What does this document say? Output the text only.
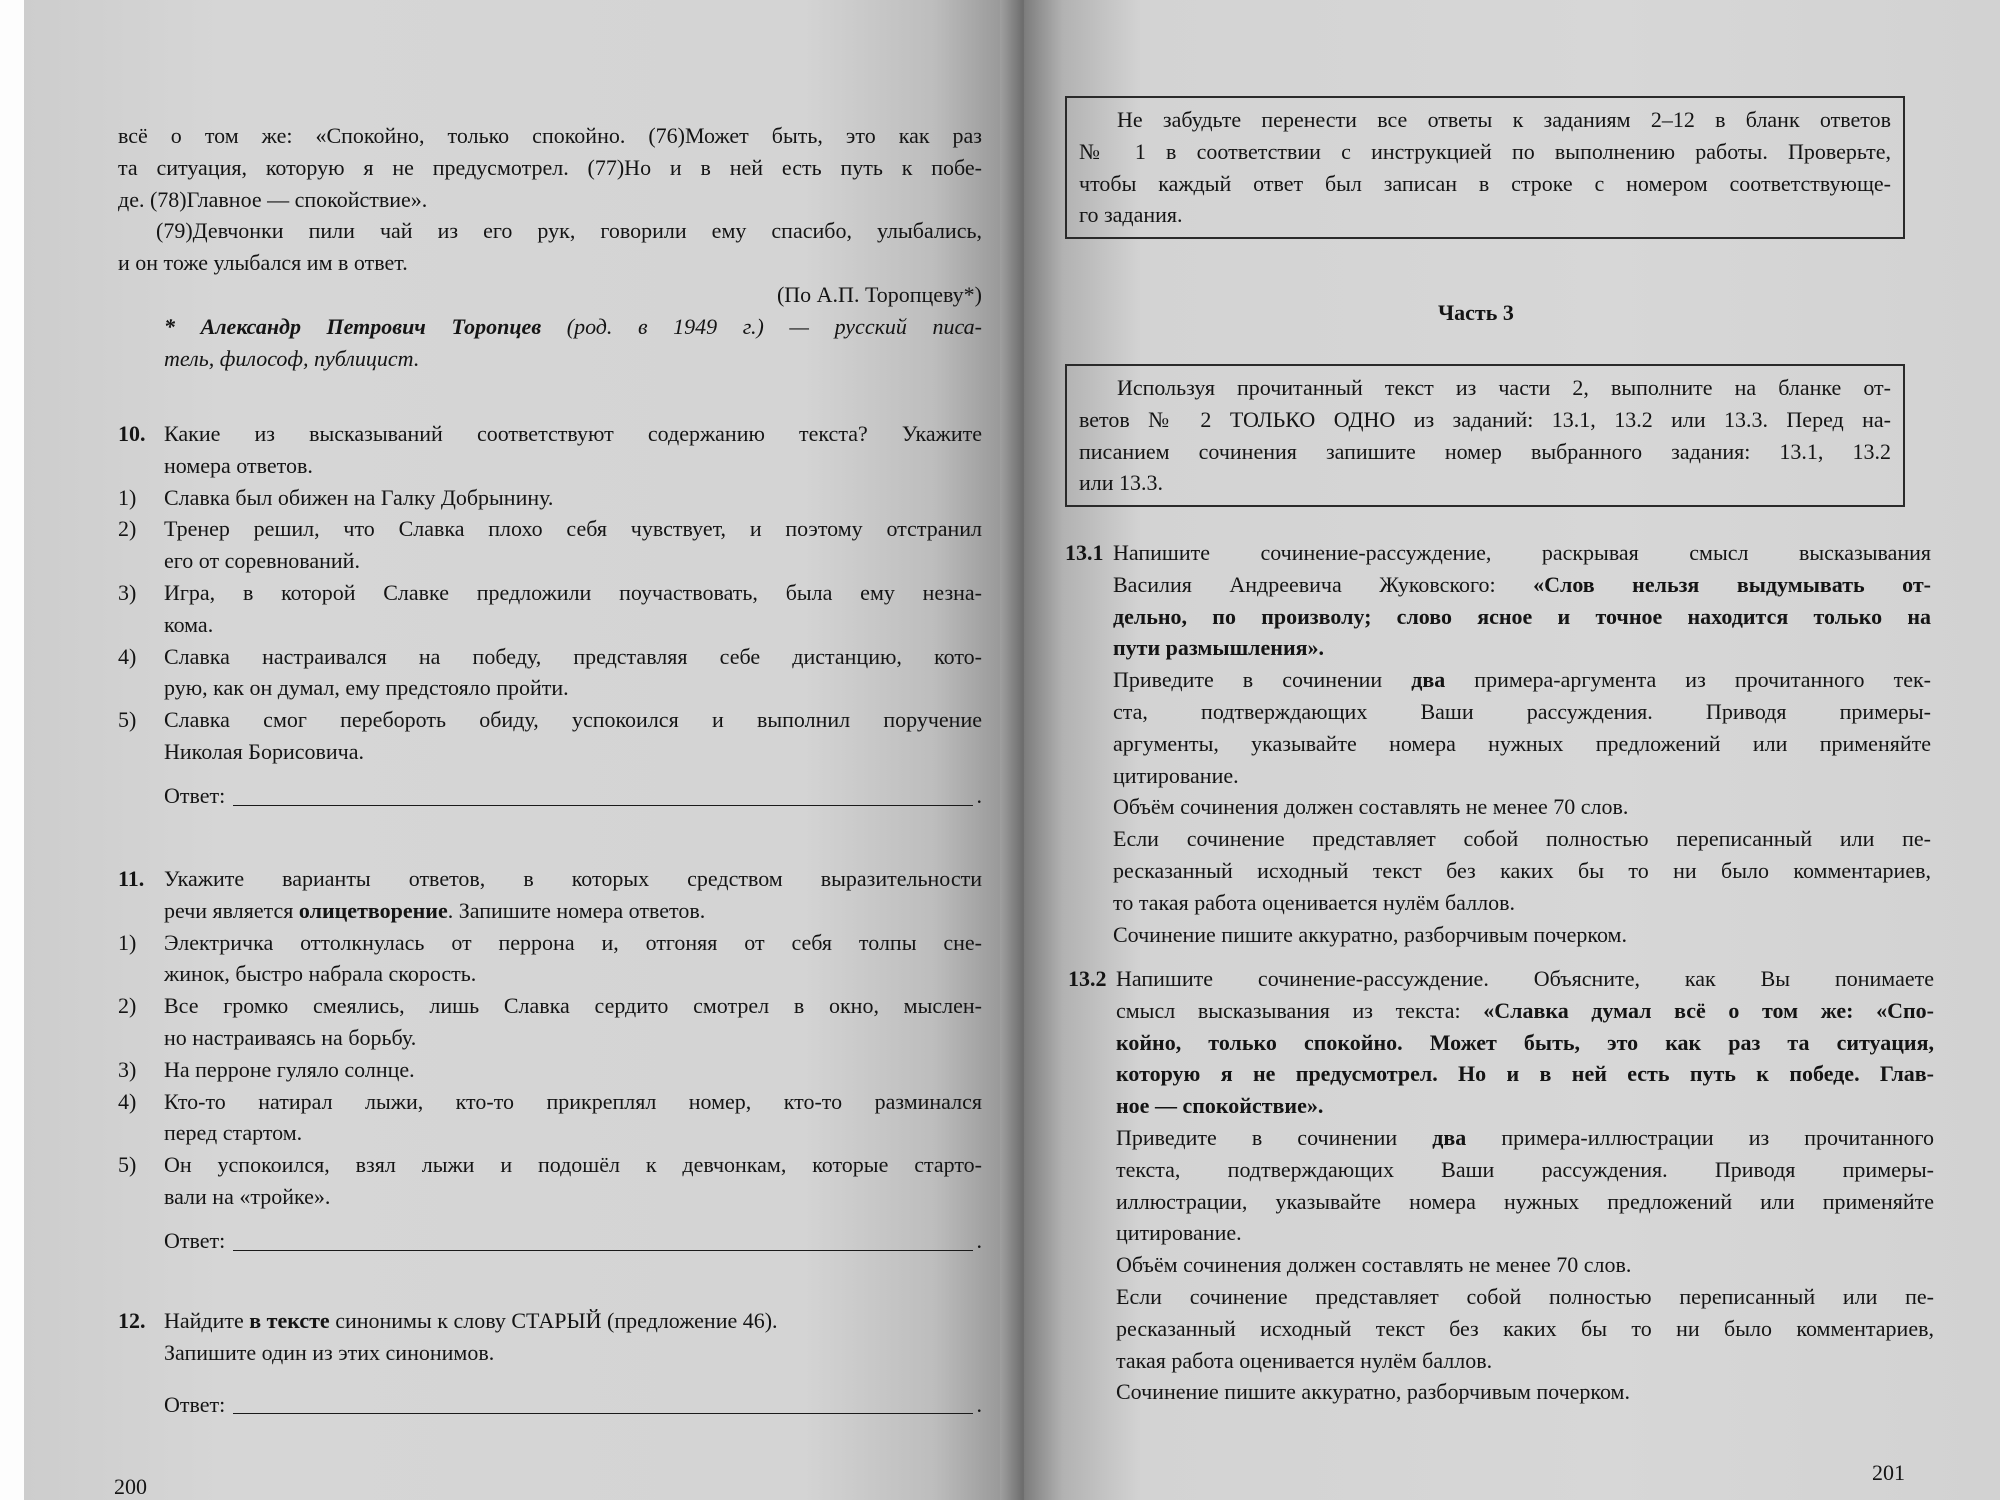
всё о том же: «Спокойно, только спокойно. (76)Может быть, это как раз
та ситуация, которую я не предусмотрел. (77)Но и в ней есть путь к побе-
де. (78)Главное — спокойствие».
(79)Девчонки пили чай из его рук, говорили ему спасибо, улыбались,
и он тоже улыбался им в ответ.
(По А.П. Торопцеву*)
* Александр Петрович Торопцев (род. в 1949 г.) — русский писа-
тель, философ, публицист.
10. Какие из высказываний соответствуют содержанию текста? Укажите
номера ответов.
1)	Славка был обижен на Галку Добрынину.
2)	Тренер решил, что Славка плохо себя чувствует, и поэтому отстранил
его от соревнований.
3)	Игра, в которой Славке предложили поучаствовать, была ему незна-
кома.
4)	Славка настраивался на победу, представляя себе дистанцию, кото-
рую, как он думал, ему предстояло пройти.
5)	Славка смог перебороть обиду, успокоился и выполнил поручение
Николая Борисовича.
Ответ:	.
11. Укажите варианты ответов, в которых средством выразительности
речи является олицетворение. Запишите номера ответов.
1)	Электричка оттолкнулась от перрона и, отгоняя от себя толпы сне-
жинок, быстро набрала скорость.
2)	Все громко смеялись, лишь Славка сердито смотрел в окно, мыслен-
но настраиваясь на борьбу.
3)	На перроне гуляло солнце.
4)	Кто-то натирал лыжи, кто-то прикреплял номер, кто-то разминался
перед стартом.
5)	Он успокоился, взял лыжи и подошёл к девчонкам, которые старто-
вали на «тройке».
Ответ:	.
12. Найдите в тексте синонимы к слову СТАРЫЙ (предложение 46).
Запишите один из этих синонимов.
Ответ:	.
200
Не забудьте перенести все ответы к заданиям 2–12 в бланк ответов
№ 1 в соответствии с инструкцией по выполнению работы. Проверьте,
чтобы каждый ответ был записан в строке с номером соответствующе-
го задания.
Часть 3
Используя прочитанный текст из части 2, выполните на бланке от-
ветов № 2 ТОЛЬКО ОДНО из заданий: 13.1, 13.2 или 13.3. Перед на-
писанием сочинения запишите номер выбранного задания: 13.1, 13.2
или 13.3.
13.1 Напишите сочинение-рассуждение, раскрывая смысл высказывания
Василия Андреевича Жуковского: «Слов нельзя выдумывать от-
дельно, по произволу; слово ясное и точное находится только на
пути размышления».
Приведите в сочинении два примера-аргумента из прочитанного тек-
ста, подтверждающих Ваши рассуждения. Приводя примеры-
аргументы, указывайте номера нужных предложений или применяйте
цитирование.
Объём сочинения должен составлять не менее 70 слов.
Если сочинение представляет собой полностью переписанный или пе-
ресказанный исходный текст без каких бы то ни было комментариев,
то такая работа оценивается нулём баллов.
Сочинение пишите аккуратно, разборчивым почерком.
13.2 Напишите сочинение-рассуждение. Объясните, как Вы понимаете
смысл высказывания из текста: «Славка думал всё о том же: «Спо-
койно, только спокойно. Может быть, это как раз та ситуация,
которую я не предусмотрел. Но и в ней есть путь к победе. Глав-
ное — спокойствие».
Приведите в сочинении два примера-иллюстрации из прочитанного
текста, подтверждающих Ваши рассуждения. Приводя примеры-
иллюстрации, указывайте номера нужных предложений или применяйте
цитирование.
Объём сочинения должен составлять не менее 70 слов.
Если сочинение представляет собой полностью переписанный или пе-
ресказанный исходный текст без каких бы то ни было комментариев,
такая работа оценивается нулём баллов.
Сочинение пишите аккуратно, разборчивым почерком.
201
